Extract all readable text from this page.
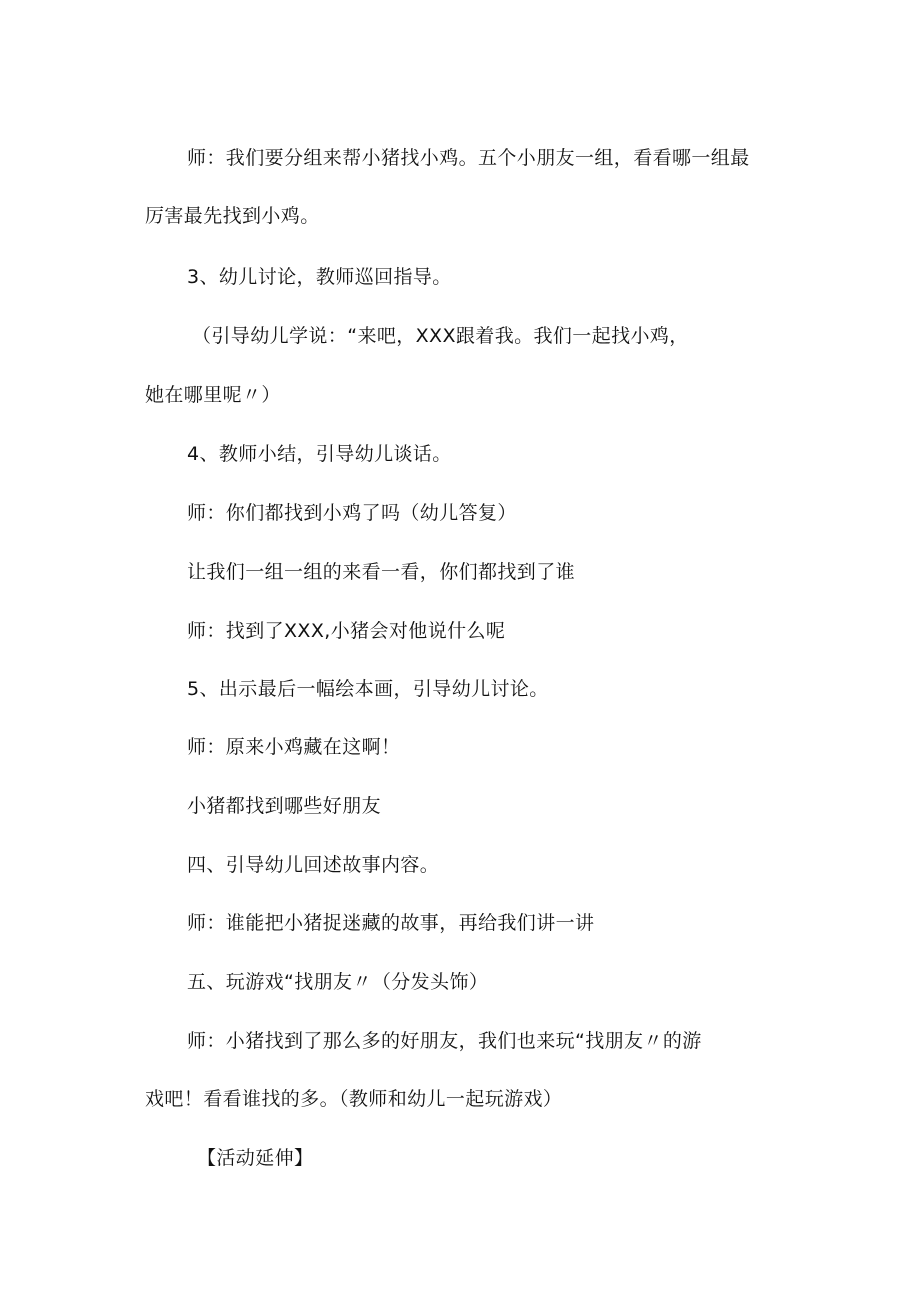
师：我们要分组来帮小猪找小鸡。五个小朋友一组，看看哪一组最
厉害最先找到小鸡。
3、幼儿讨论，教师巡回指导。
（引导幼儿学说：“来吧，XXX跟着我。我们一起找小鸡，
她在哪里呢〃）
4、教师小结，引导幼儿谈话。
师：你们都找到小鸡了吗（幼儿答复）
让我们一组一组的来看一看，你们都找到了谁
师：找到了XXX,小猪会对他说什么呢
5、出示最后一幅绘本画，引导幼儿讨论。
师：原来小鸡藏在这啊！
小猪都找到哪些好朋友
四、引导幼儿回述故事内容。
师：谁能把小猪捉迷藏的故事，再给我们讲一讲
五、玩游戏“找朋友〃（分发头饰）
师：小猪找到了那么多的好朋友，我们也来玩“找朋友〃的游
戏吧！看看谁找的多。（教师和幼儿一起玩游戏）
【活动延伸】
